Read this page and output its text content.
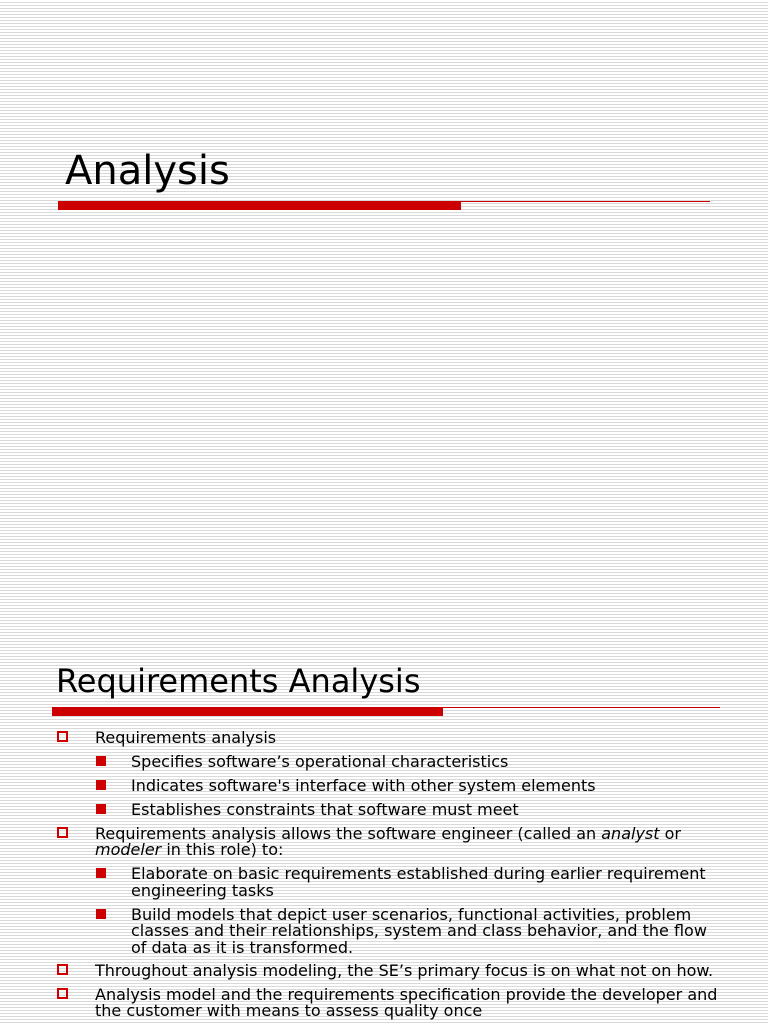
Analysis
Requirements Analysis
Requirements analysis
Specifies software’s operational characteristics
Indicates software's interface with other system elements
Establishes constraints that software must meet
Requirements analysis allows the software engineer (called an analyst or modeler in this role) to:
Elaborate on basic requirements established during earlier requirement engineering tasks
Build models that depict user scenarios, functional activities, problem classes and their relationships, system and class behavior, and the flow of data as it is transformed.
Throughout analysis modeling, the SE’s primary focus is on what not on how.
Analysis model and the requirements specification provide the developer and the customer with means to assess quality once
